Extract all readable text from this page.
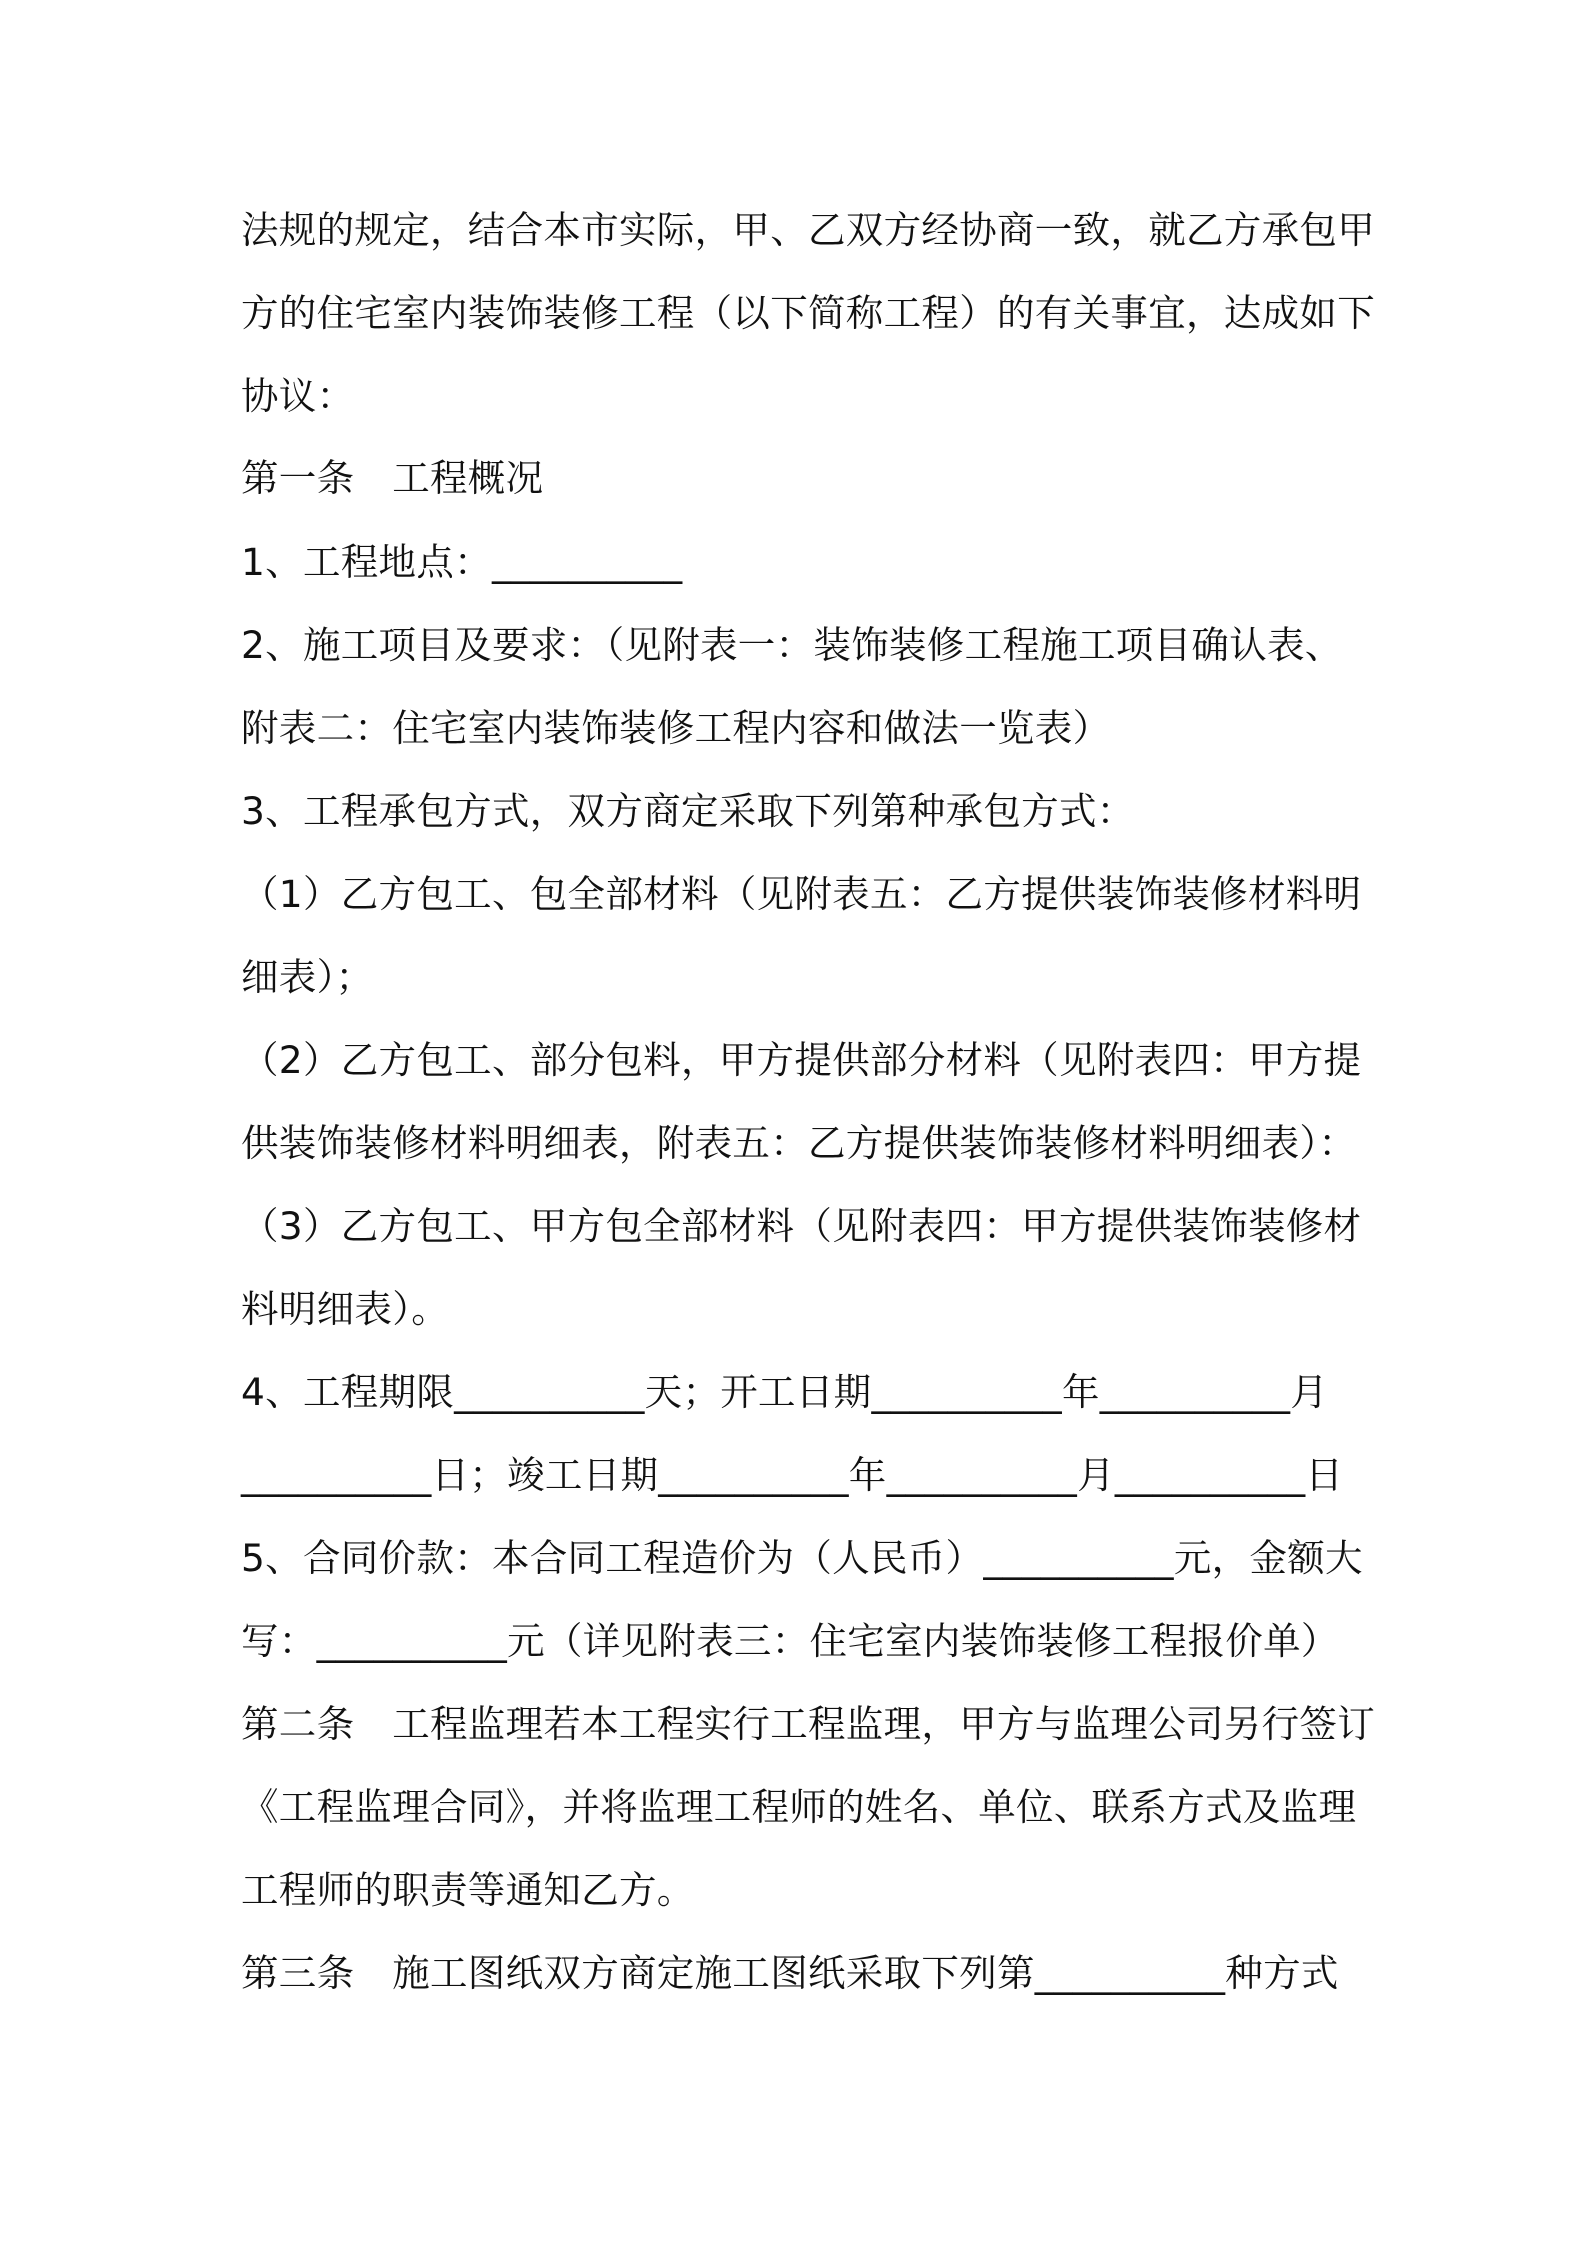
法规的规定，结合本市实际，甲、乙双方经协商一致，就乙方承包甲
方的住宅室内装饰装修工程（以下简称工程）的有关事宜，达成如下
协议：
第一条　工程概况
1、工程地点：__________
2、施工项目及要求：（见附表一：装饰装修工程施工项目确认表、
附表二：住宅室内装饰装修工程内容和做法一览表）
3、工程承包方式，双方商定采取下列第种承包方式：
（1）乙方包工、包全部材料（见附表五：乙方提供装饰装修材料明
细表）；
（2）乙方包工、部分包料，甲方提供部分材料（见附表四：甲方提
供装饰装修材料明细表，附表五：乙方提供装饰装修材料明细表）：
（3）乙方包工、甲方包全部材料（见附表四：甲方提供装饰装修材
料明细表）。
4、工程期限__________天；开工日期__________年__________月
__________日；竣工日期__________年__________月__________日
5、合同价款：本合同工程造价为（人民币）__________元，金额大
写：__________元（详见附表三：住宅室内装饰装修工程报价单）
第二条　工程监理若本工程实行工程监理，甲方与监理公司另行签订
《工程监理合同》，并将监理工程师的姓名、单位、联系方式及监理
工程师的职责等通知乙方。
第三条　施工图纸双方商定施工图纸采取下列第__________种方式
